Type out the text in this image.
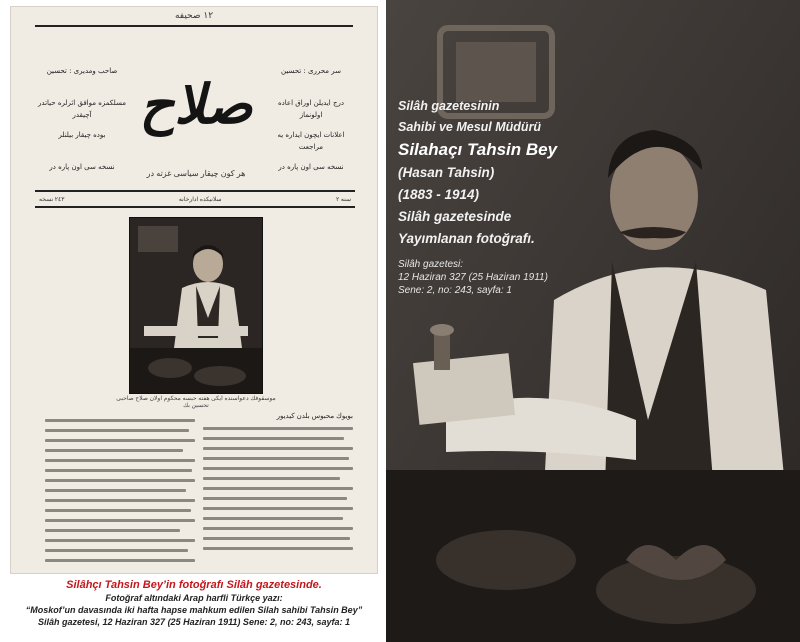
١٢ صحيفه
صاحب ومديرى : تحسين
مسلكمزه موافق اثرلره حياتدر آچيقدر
بوده چيقار بيلنلر
نسخه سى اون پاره در
صلاح
هر كون چيقار سياسى غزته در
سر محررى : تحسين
درج ايديلن اوراق اعاده اولونماز
اعلانات ايچون ايداره يه مراجعت
نسخه سى اون پاره در
٢٤٣ نسخه	سلانيكده ادارخانه	سنه ٢
موسقوفك دعواسنده ايكى هفته حبسه محكوم اولان صلاح صاحبى تحسين بك
بويوك محبوس بلدن كيديور
Silâhçı Tahsin Bey’in fotoğrafı Silâh gazetesinde.
Fotoğraf altındaki Arap harfli Türkçe yazı:
“Moskof’un davasında iki hafta hapse mahkum edilen Silah sahibi Tahsin Bey”
Silâh gazetesi, 12 Haziran 327 (25 Haziran 1911) Sene: 2, no: 243, sayfa: 1
Silâh gazetesinin
Sahibi ve Mesul Müdürü
Silahaçı Tahsin Bey
(Hasan Tahsin)
(1883 - 1914)
Silâh gazetesinde
Yayımlanan fotoğrafı.
Silâh gazetesi:
12 Haziran 327 (25 Haziran 1911)
Sene: 2, no: 243, sayfa: 1
